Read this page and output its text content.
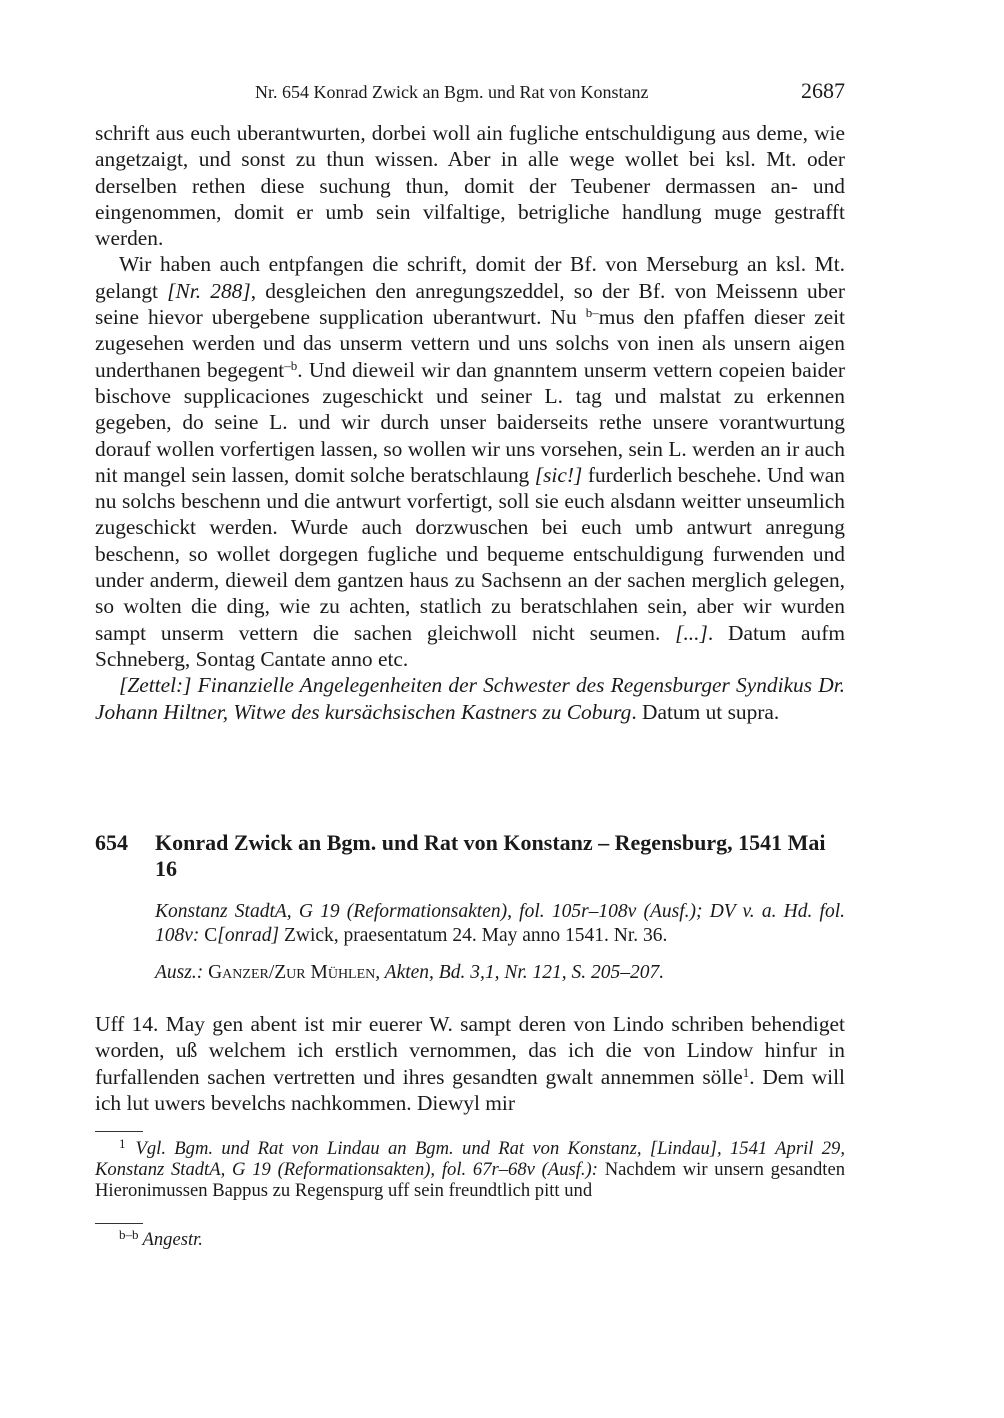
Nr. 654 Konrad Zwick an Bgm. und Rat von Konstanz	2687

schrift aus euch uberantwurten, dorbei woll ain fugliche entschuldigung aus deme, wie angetzaigt, und sonst zu thun wissen. Aber in alle wege wollet bei ksl. Mt. oder derselben rethen diese suchung thun, domit der Teubener dermassen an- und eingenommen, domit er umb sein vilfaltige, betrigliche handlung muge gestrafft werden.

Wir haben auch entpfangen die schrift, domit der Bf. von Merseburg an ksl. Mt. gelangt [Nr. 288], desgleichen den anregungszeddel, so der Bf. von Meissenn uber seine hievor ubergebene supplication uberantwurt. Nu $^{b-}$mus den pfaffen dieser zeit zugesehen werden und das unserm vettern und uns solchs von inen als unsern aigen underthanen begegent$^{-b}$. Und dieweil wir dan gnanntem unserm vettern copeien baider bischove supplicaciones zugeschickt und seiner L. tag und malstat zu erkennen gegeben, do seine L. und wir durch unser baiderseits rethe unsere vorantwurtung dorauf wollen vorfertigen lassen, so wollen wir uns vorsehen, sein L. werden an ir auch nit mangel sein lassen, domit solche beratschlaung [sic!] furderlich beschehe. Und wan nu solchs beschenn und die antwurt vorfertigt, soll sie euch alsdann weitter unseumlich zugeschickt werden. Wurde auch dorzwuschen bei euch umb antwurt anregung beschenn, so wollet dorgegen fugliche und bequeme entschuldigung furwenden und under anderm, dieweil dem gantzen haus zu Sachsenn an der sachen merglich gelegen, so wolten die ding, wie zu achten, statlich zu beratschlahen sein, aber wir wurden sampt unserm vettern die sachen gleichwoll nicht seumen. [...]. Datum aufm Schneberg, Sontag Cantate anno etc.

[Zettel:] Finanzielle Angelegenheiten der Schwester des Regensburger Syndikus Dr. Johann Hiltner, Witwe des kursächsischen Kastners zu Coburg. Datum ut supra.

654 Konrad Zwick an Bgm. und Rat von Konstanz – Regensburg, 1541 Mai 16
Konstanz StadtA, G 19 (Reformationsakten), fol. 105r–108v (Ausf.); DV v. a. Hd. fol. 108v: C[onrad] Zwick, praesentatum 24. May anno 1541. Nr. 36.
Ausz.: Ganzer/Zur Mühlen, Akten, Bd. 3,1, Nr. 121, S. 205–207.

Uff 14. May gen abent ist mir euerer W. sampt deren von Lindo schriben behendiget worden, uß welchem ich erstlich vernommen, das ich die von Lindow hinfur in furfallenden sachen vertretten und ihres gesandten gwalt annemmen sölle$^1$. Dem will ich lut uwers bevelchs nachkommen. Diewyl mir

$^1$ Vgl. Bgm. und Rat von Lindau an Bgm. und Rat von Konstanz, [Lindau], 1541 April 29, Konstanz StadtA, G 19 (Reformationsakten), fol. 67r–68v (Ausf.): Nachdem wir unsern gesandten Hieronimussen Bappus zu Regenspurg uff sein freundtlich pitt und
$^{b-b}$ Angestr.
